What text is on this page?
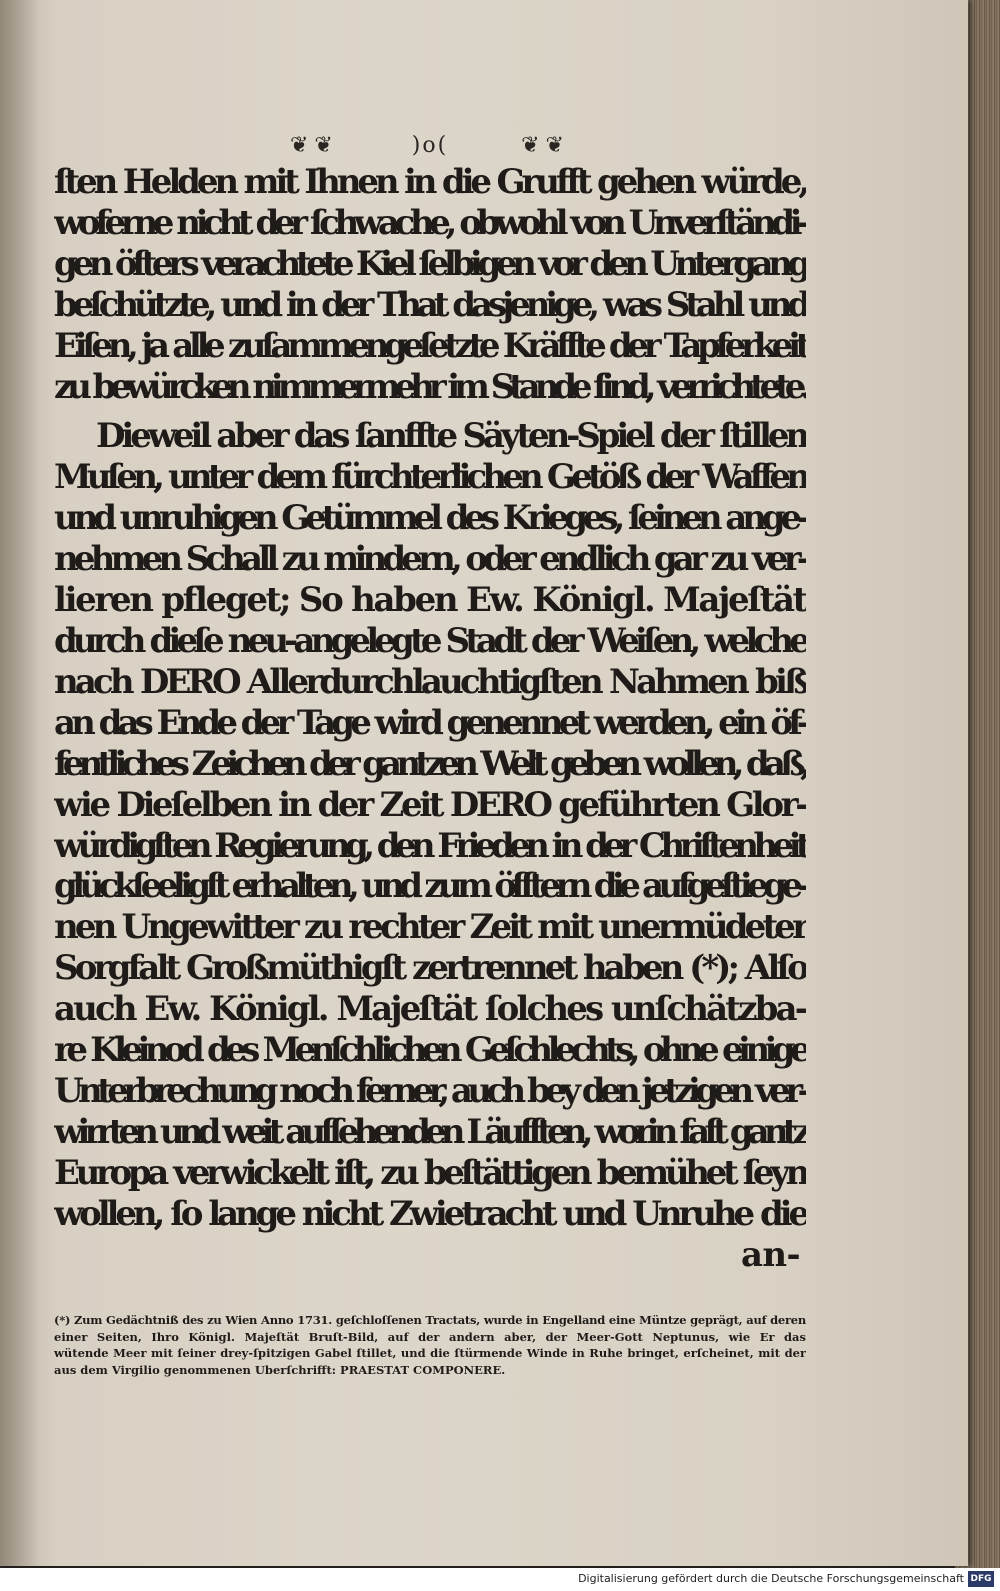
❦❦	)o(	❦❦
ſten Helden mit Ihnen in die Grufft gehen würde,
woferne nicht der ſchwache, obwohl von Unverſtändi-
gen öfters verachtete Kiel ſelbigen vor den Untergang
beſchützte, und in der That dasjenige, was Stahl und
Eiſen, ja alle zuſammengeſetzte Kräffte der Tapferkeit
zu bewürcken nimmermehr im Stande ſind, verrichtete.
Dieweil aber das ſanffte Säyten-Spiel der ſtillen
Muſen, unter dem fürchterlichen Getöß der Waffen
und unruhigen Getümmel des Krieges, ſeinen ange-
nehmen Schall zu mindern, oder endlich gar zu ver-
lieren pfleget; So haben Ew. Königl. Majeſtät
durch dieſe neu-angelegte Stadt der Weiſen, welche
nach DERO Allerdurchlauchtigſten Nahmen biß
an das Ende der Tage wird genennet werden, ein öf-
fentliches Zeichen der gantzen Welt geben wollen, daß,
wie Dieſelben in der Zeit DERO geführten Glor-
würdigſten Regierung, den Frieden in der Chriſtenheit
glückſeeligſt erhalten, und zum öfftern die aufgeſtiege-
nen Ungewitter zu rechter Zeit mit unermüdeter
Sorgfalt Großmüthigſt zertrennet haben (*); Alſo
auch Ew. Königl. Majeſtät ſolches unſchätzba-
re Kleinod des Menſchlichen Geſchlechts, ohne einige
Unterbrechung noch ferner, auch bey den jetzigen ver-
wirrten und weit auſſehenden Läufften, worin faſt gantz
Europa verwickelt iſt, zu beſtättigen bemühet ſeyn
wollen, ſo lange nicht Zwietracht und Unruhe die
an-
(*) Zum Gedächtniß des zu Wien Anno 1731. geſchloſſenen Tractats, wurde in Engelland eine Müntze geprägt, auf deren
einer Seiten, Ihro Königl. Majeſtät Bruſt-Bild, auf der andern aber, der Meer-Gott Neptunus, wie Er das
wütende Meer mit ſeiner drey-ſpitzigen Gabel ſtillet, und die ſtürmende Winde in Ruhe bringet, erſcheinet, mit der
aus dem Virgilio genommenen Uberſchrifft: PRAESTAT COMPONERE.
Digitalisierung gefördert durch die Deutsche Forschungsgemeinschaft DFG
